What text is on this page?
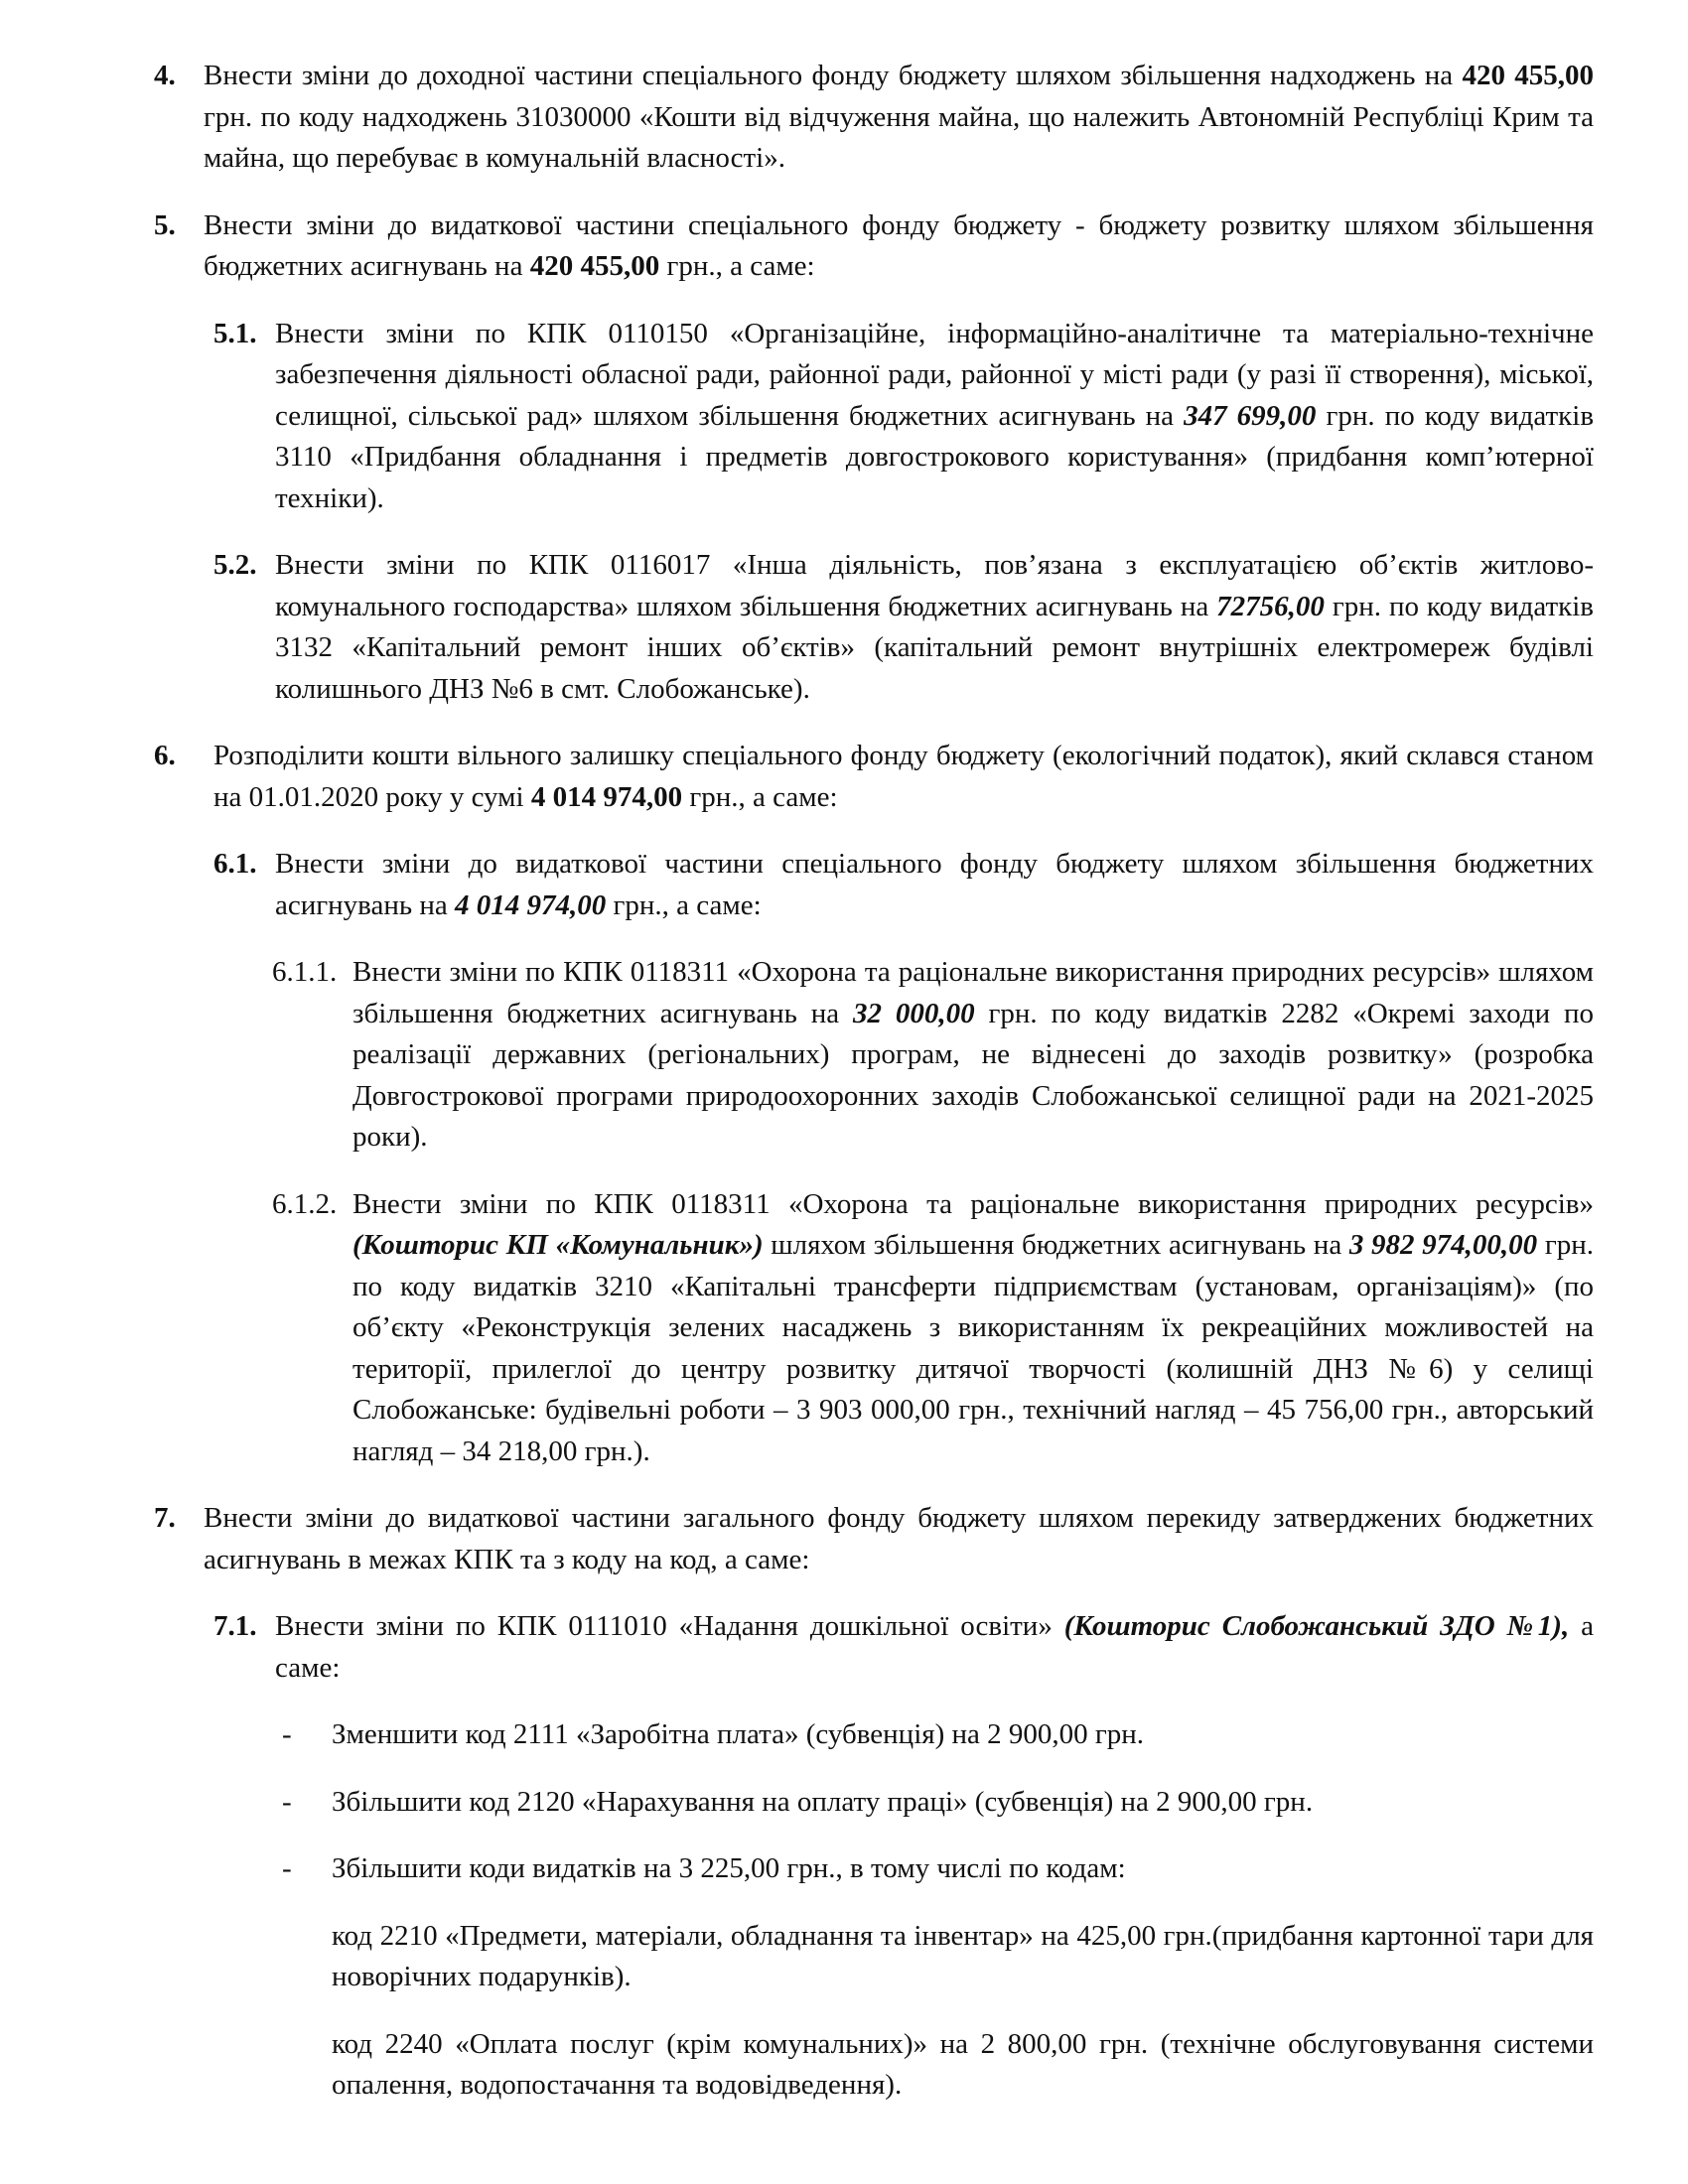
4. Внести зміни до доходної частини спеціального фонду бюджету шляхом збільшення надходжень на 420 455,00 грн. по коду надходжень 31030000 «Кошти від відчуження майна, що належить Автономній Республіці Крим та майна, що перебуває в комунальній власності».
5. Внести зміни до видаткової частини спеціального фонду бюджету - бюджету розвитку шляхом збільшення бюджетних асигнувань на 420 455,00 грн., а саме:
5.1. Внести зміни по КПК 0110150 «Організаційне, інформаційно-аналітичне та матеріально-технічне забезпечення діяльності обласної ради, районної ради, районної у місті ради (у разі її створення), міської, селищної, сільської рад» шляхом збільшення бюджетних асигнувань на 347 699,00 грн. по коду видатків 3110 «Придбання обладнання і предметів довгострокового користування» (придбання комп’ютерної техніки).
5.2. Внести зміни по КПК 0116017 «Інша діяльність, пов’язана з експлуатацією об’єктів житлово-комунального господарства» шляхом збільшення бюджетних асигнувань на 72756,00 грн. по коду видатків 3132 «Капітальний ремонт інших об’єктів» (капітальний ремонт внутрішніх електромереж будівлі колишнього ДНЗ №6 в смт. Слобожанське).
6.	Розподілити кошти вільного залишку спеціального фонду бюджету (екологічний податок), який склався станом на 01.01.2020 року у сумі 4 014 974,00 грн., а саме:
6.1. Внести зміни до видаткової частини спеціального фонду бюджету шляхом збільшення бюджетних асигнувань на 4 014 974,00 грн., а саме:
6.1.1. Внести зміни по КПК 0118311 «Охорона та раціональне використання природних ресурсів» шляхом збільшення бюджетних асигнувань на 32 000,00 грн. по коду видатків 2282 «Окремі заходи по реалізації державних (регіональних) програм, не віднесені до заходів розвитку» (розробка Довгострокової програми природоохоронних заходів Слобожанської селищної ради на 2021-2025 роки).
6.1.2. Внести зміни по КПК 0118311 «Охорона та раціональне використання природних ресурсів» (Кошторис КП «Комунальник») шляхом збільшення бюджетних асигнувань на 3 982 974,00,00 грн. по коду видатків 3210 «Капітальні трансферти підприємствам (установам, організаціям)» (по об’єкту «Реконструкція зелених насаджень з використанням їх рекреаційних можливостей на території, прилеглої до центру розвитку дитячої творчості (колишній ДНЗ №6) у селищі Слобожанське: будівельні роботи – 3 903 000,00 грн., технічний нагляд – 45 756,00 грн., авторський нагляд – 34 218,00 грн.).
7. Внести зміни до видаткової частини загального фонду бюджету шляхом перекиду затверджених бюджетних асигнувань в межах КПК та з коду на код, а саме:
7.1. Внести зміни по КПК 0111010 «Надання дошкільної освіти» (Кошторис Слобожанський ЗДО №1), а саме:
-	Зменшити код 2111 «Заробітна плата» (субвенція) на 2 900,00 грн.
-	Збільшити код 2120 «Нарахування на оплату праці» (субвенція) на 2 900,00 грн.
-	Збільшити коди видатків на 3 225,00 грн., в тому числі по кодам:
код 2210 «Предмети, матеріали, обладнання та інвентар» на 425,00 грн.(придбання картонної тари для новорічних подарунків).
код 2240 «Оплата послуг (крім комунальних)» на 2 800,00 грн. (технічне обслуговування системи опалення, водопостачання та водовідведення).
